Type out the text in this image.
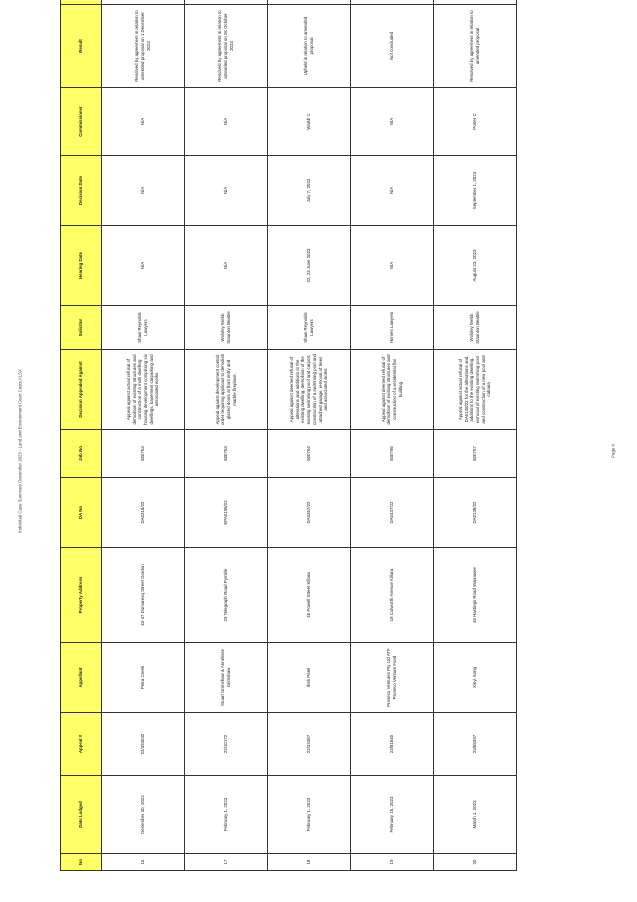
Individual Case Summary December 2023 - Land and Environment Court Costs.XLSX	Page 4
No	Date Lodged	Appeal #	Appellant	Property Address	DA No	Job No	Decision Appealed Against	Solicitor	Hearing Date	Decision Date	Commissioner	Result		
16	December 30, 2022	22/393032	Petra Creek	43-47 Dumaresq Street Gordon	DA0318/22	500763	Appeal against actual refusal of demolition of existing structures and construction of a multi dwelling housing development comprising six dwellings, basement carparking and associated works	Shaw Reynolds Lawyers	N/A	N/A	N/A	Resolved by agreement in relation to amended proposal on 1 December 2023		
17	February 1, 2023	22/10172	Stuart Grimshaw & Annelisse Grimshaw	29 Telegraph Road Pymble	EPA0195/22	500763	Appeal against development control order requiring applicant to demolish glazed doors at front entry and marble fireplace.	Wolsley Webb Staunton Beattie	N/A	N/A	N/A	Resolved by agreement in relation to amended proposal on 26 October 2023		
18	February 1, 2023	22/33387	Ihsh Patel	40 Powell Street Killara	DA0357/22	500764	Appeal against deemed refusal of alterations and additions to the existing dwelling, demolition of the existing swimming pool and carport, construction of a swimming pool and attached garage, removal of trees and associated works	Shaw Reynolds Lawyers	22, 23 June 2023	July 7, 2023	Walsh C	Upheld in relation to amended proposal		
19	February 15, 2023	23/51640	Proseco Ventures Pty Ltd ATF Proseco Venture Fund	18 Culworth Avenue Killara	DA0437/22	500766	Appeal against deemed refusal of demolition of existing structures and construction of a residential flat building	Homes Lawyers	N/A	N/A	N/A	Not concluded		
20	March 1, 2023	23/68397	Xinyi Song	46 Hastings Road Warrawee	DA0138/22	500767	Appeal against actual refusal of DA0138/22 for the alterations and additions to the existing dwelling, removal of existing swimming pool and construction of a new pool and cabana	Wolsley Webb Staunton Beattie	August 23, 2023	September 1, 2023	Porter C	Resolved by agreement in relation to amended proposal		
